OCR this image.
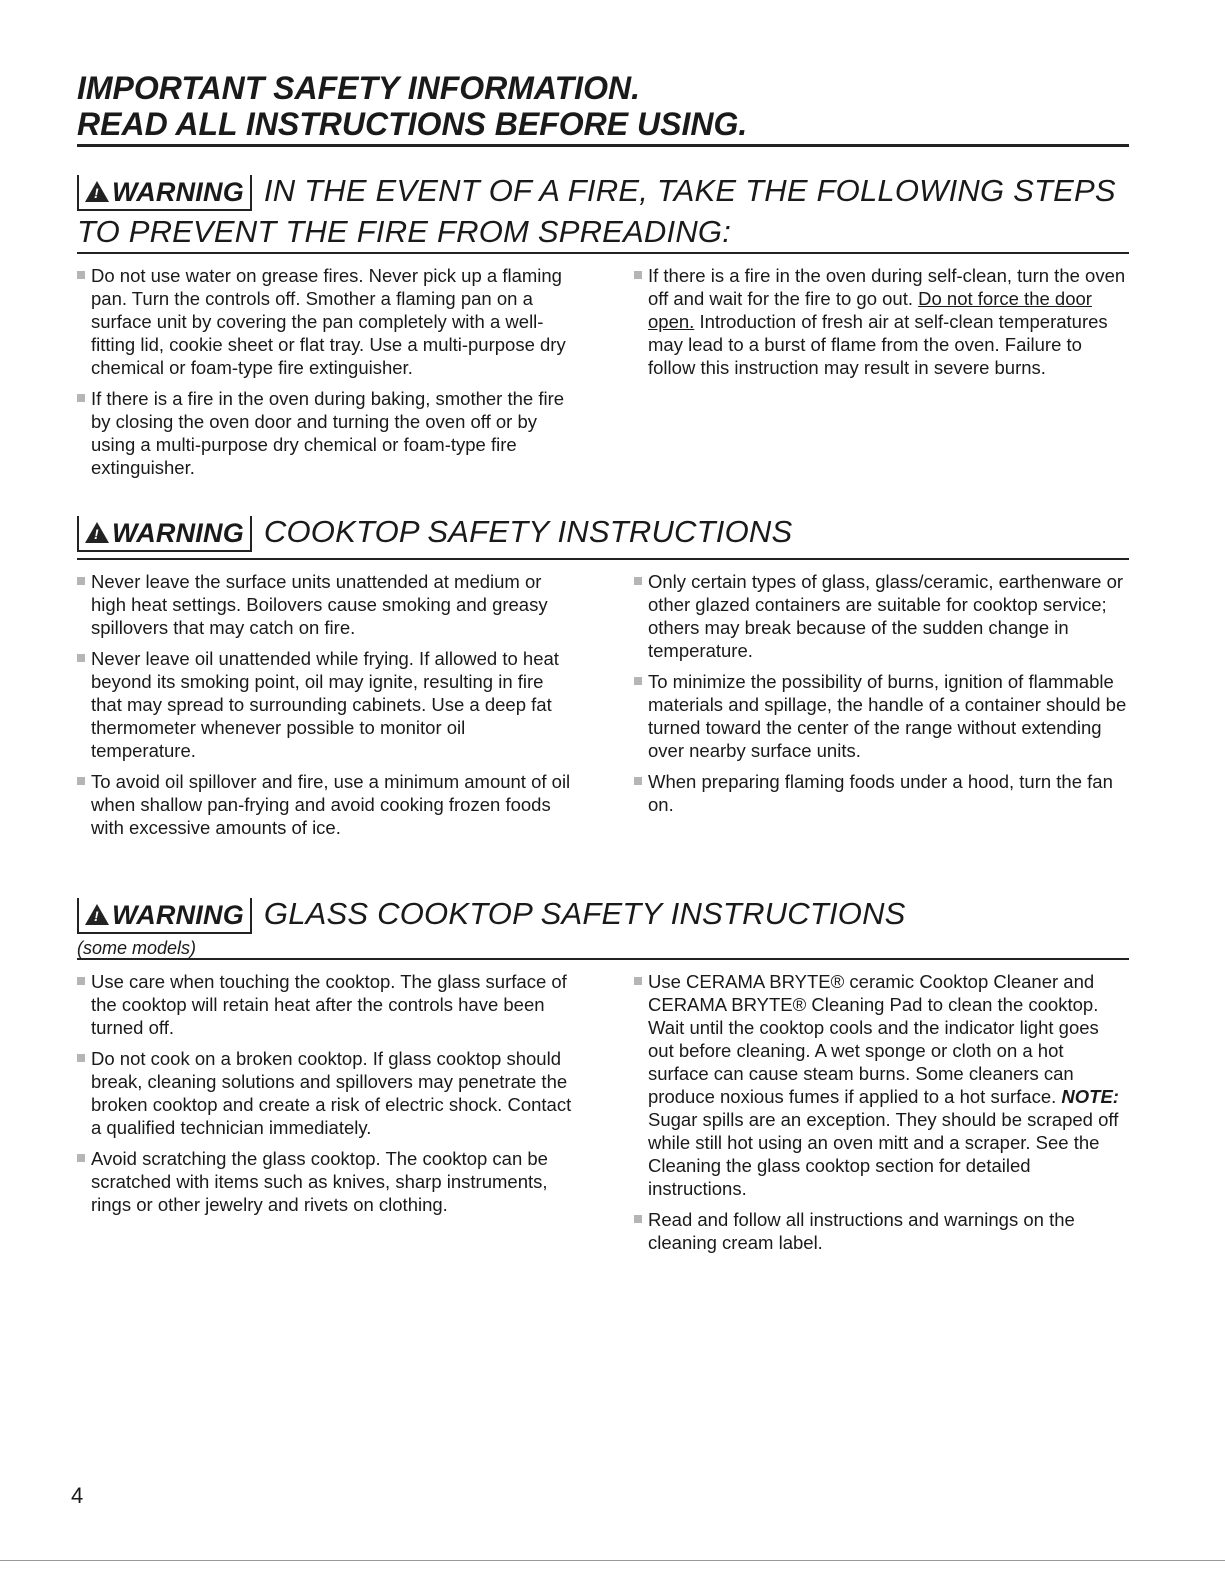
IMPORTANT SAFETY INFORMATION.
READ ALL INSTRUCTIONS BEFORE USING.
!WARNING IN THE EVENT OF A FIRE, TAKE THE FOLLOWING STEPS
TO PREVENT THE FIRE FROM SPREADING:
Do not use water on grease fires. Never pick up a flaming pan. Turn the controls off. Smother a flaming pan on a surface unit by covering the pan completely with a well-fitting lid, cookie sheet or flat tray. Use a multi-purpose dry chemical or foam-type fire extinguisher.
If there is a fire in the oven during baking, smother the fire by closing the oven door and turning the oven off or by using a multi-purpose dry chemical or foam-type fire extinguisher.
If there is a fire in the oven during self-clean, turn the oven off and wait for the fire to go out. Do not force the door open. Introduction of fresh air at self-clean temperatures may lead to a burst of flame from the oven. Failure to follow this instruction may result in severe burns.
!WARNING COOKTOP SAFETY INSTRUCTIONS
Never leave the surface units unattended at medium or high heat settings. Boilovers cause smoking and greasy spillovers that may catch on fire.
Never leave oil unattended while frying. If allowed to heat beyond its smoking point, oil may ignite, resulting in fire that may spread to surrounding cabinets. Use a deep fat thermometer whenever possible to monitor oil temperature.
To avoid oil spillover and fire, use a minimum amount of oil when shallow pan-frying and avoid cooking frozen foods with excessive amounts of ice.
Only certain types of glass, glass/ceramic, earthenware or other glazed containers are suitable for cooktop service; others may break because of the sudden change in temperature.
To minimize the possibility of burns, ignition of flammable materials and spillage, the handle of a container should be turned toward the center of the range without extending over nearby surface units.
When preparing flaming foods under a hood, turn the fan on.
!WARNING GLASS COOKTOP SAFETY INSTRUCTIONS
(some models)
Use care when touching the cooktop. The glass surface of the cooktop will retain heat after the controls have been turned off.
Do not cook on a broken cooktop. If glass cooktop should break, cleaning solutions and spillovers may penetrate the broken cooktop and create a risk of electric shock. Contact a qualified technician immediately.
Avoid scratching the glass cooktop. The cooktop can be scratched with items such as knives, sharp instruments, rings or other jewelry and rivets on clothing.
Use CERAMA BRYTE® ceramic Cooktop Cleaner and CERAMA BRYTE® Cleaning Pad to clean the cooktop. Wait until the cooktop cools and the indicator light goes out before cleaning. A wet sponge or cloth on a hot surface can cause steam burns. Some cleaners can produce noxious fumes if applied to a hot surface. NOTE: Sugar spills are an exception. They should be scraped off while still hot using an oven mitt and a scraper. See the Cleaning the glass cooktop section for detailed instructions.
Read and follow all instructions and warnings on the cleaning cream label.
4
